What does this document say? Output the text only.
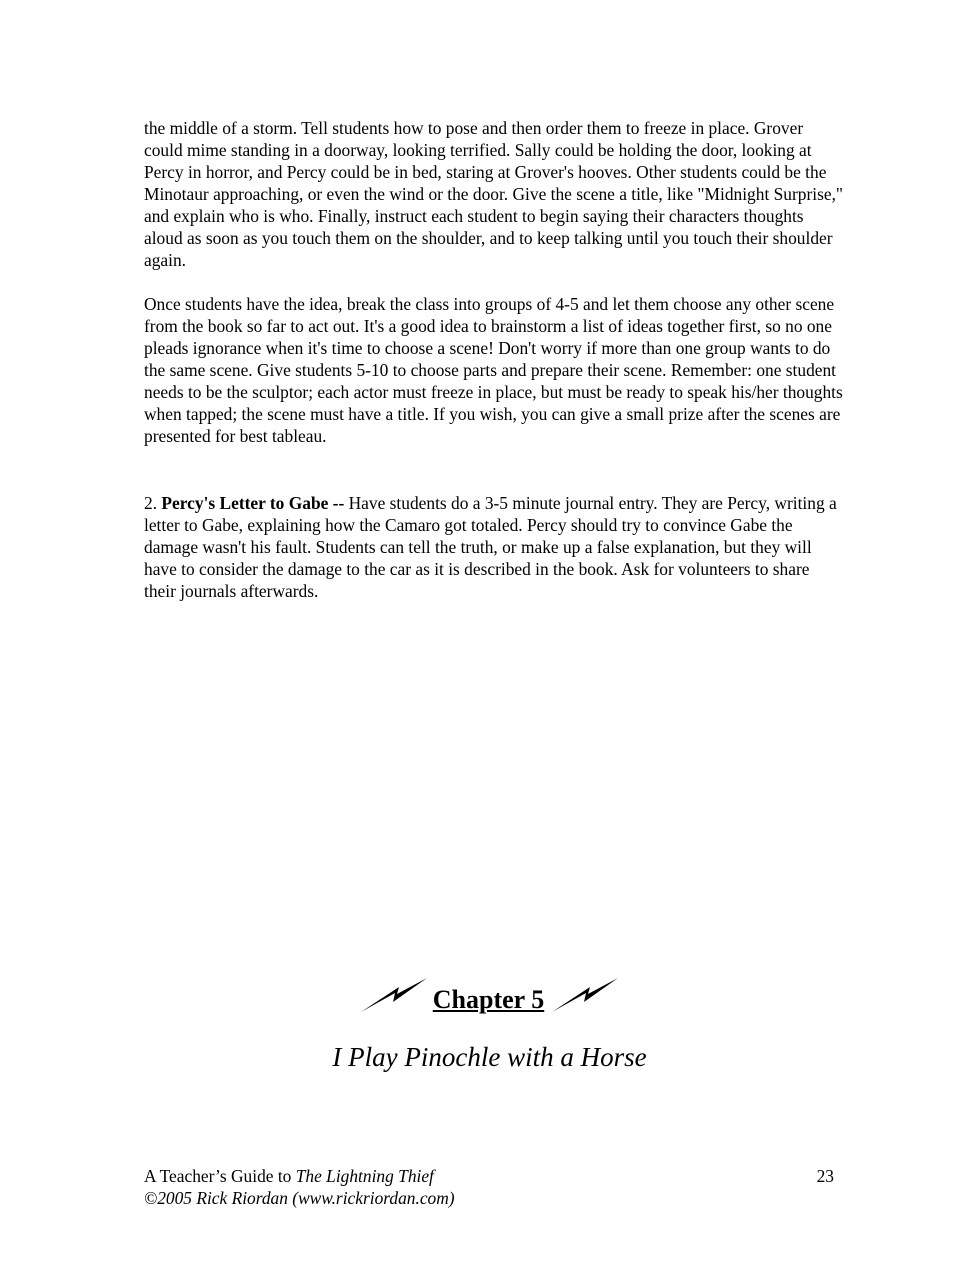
the middle of a storm. Tell students how to pose and then order them to freeze in place. Grover could mime standing in a doorway, looking terrified. Sally could be holding the door, looking at Percy in horror, and Percy could be in bed, staring at Grover's hooves. Other students could be the Minotaur approaching, or even the wind or the door. Give the scene a title, like "Midnight Surprise," and explain who is who. Finally, instruct each student to begin saying their characters thoughts aloud as soon as you touch them on the shoulder, and to keep talking until you touch their shoulder again.

Once students have the idea, break the class into groups of 4-5 and let them choose any other scene from the book so far to act out. It's a good idea to brainstorm a list of ideas together first, so no one pleads ignorance when it's time to choose a scene! Don't worry if more than one group wants to do the same scene. Give students 5-10 to choose parts and prepare their scene. Remember: one student needs to be the sculptor; each actor must freeze in place, but must be ready to speak his/her thoughts when tapped; the scene must have a title. If you wish, you can give a small prize after the scenes are presented for best tableau.

2. Percy's Letter to Gabe -- Have students do a 3-5 minute journal entry. They are Percy, writing a letter to Gabe, explaining how the Camaro got totaled. Percy should try to convince Gabe the damage wasn't his fault. Students can tell the truth, or make up a false explanation, but they will have to consider the damage to the car as it is described in the book. Ask for volunteers to share their journals afterwards.

Chapter 5
I Play Pinochle with a Horse
A Teacher’s Guide to The Lightning Thief
©2005 Rick Riordan (www.rickriordan.com)
23
